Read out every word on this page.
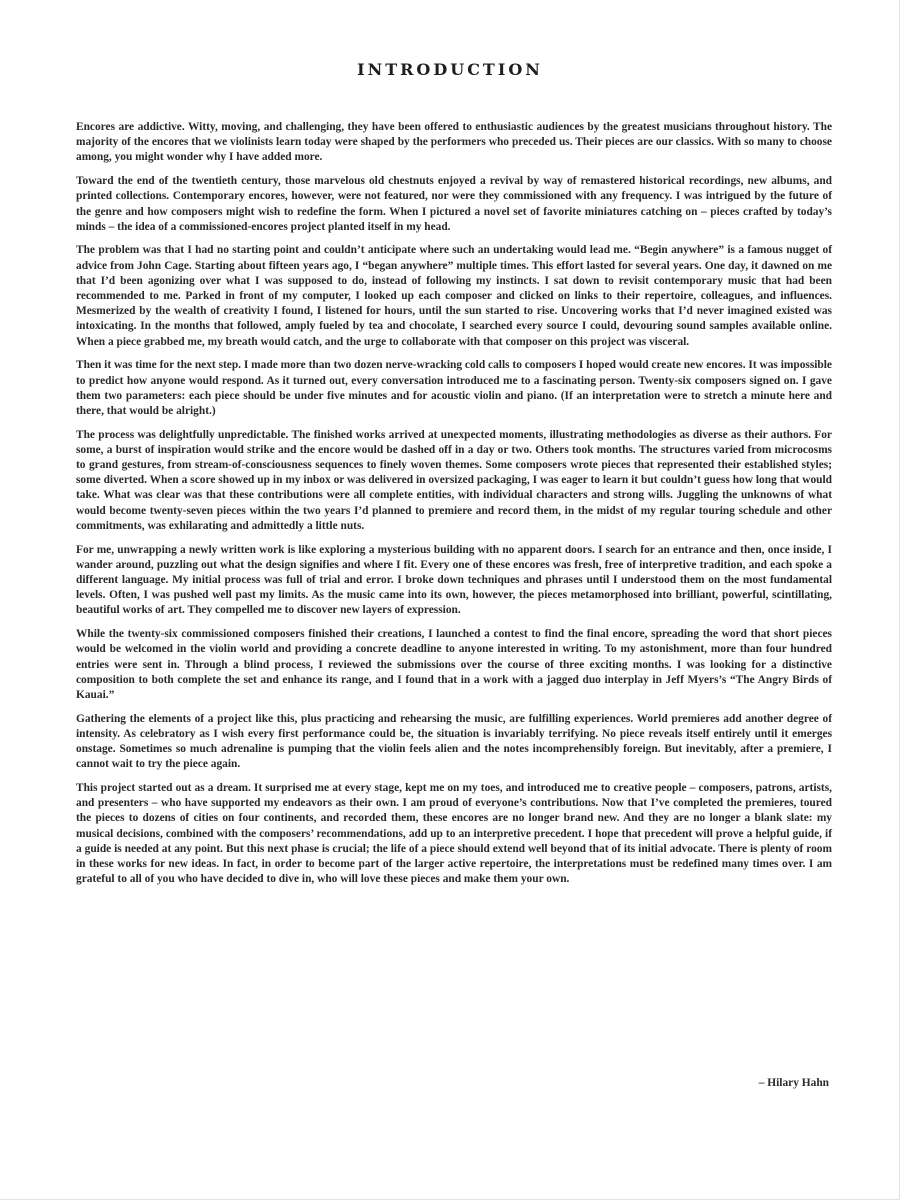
INTRODUCTION

Encores are addictive. Witty, moving, and challenging, they have been offered to enthusiastic audiences by the greatest musicians throughout history. The majority of the encores that we violinists learn today were shaped by the performers who preceded us. Their pieces are our classics. With so many to choose among, you might wonder why I have added more.

Toward the end of the twentieth century, those marvelous old chestnuts enjoyed a revival by way of remastered historical recordings, new albums, and printed collections. Contemporary encores, however, were not featured, nor were they commissioned with any frequency. I was intrigued by the future of the genre and how composers might wish to redefine the form. When I pictured a novel set of favorite miniatures catching on – pieces crafted by today’s minds – the idea of a commissioned-encores project planted itself in my head.

The problem was that I had no starting point and couldn’t anticipate where such an undertaking would lead me. “Begin anywhere” is a famous nugget of advice from John Cage. Starting about fifteen years ago, I “began anywhere” multiple times. This effort lasted for several years. One day, it dawned on me that I’d been agonizing over what I was supposed to do, instead of following my instincts. I sat down to revisit contemporary music that had been recommended to me. Parked in front of my computer, I looked up each composer and clicked on links to their repertoire, colleagues, and influences. Mesmerized by the wealth of creativity I found, I listened for hours, until the sun started to rise. Uncovering works that I’d never imagined existed was intoxicating. In the months that followed, amply fueled by tea and chocolate, I searched every source I could, devouring sound samples available online. When a piece grabbed me, my breath would catch, and the urge to collaborate with that composer on this project was visceral.

Then it was time for the next step. I made more than two dozen nerve-wracking cold calls to composers I hoped would create new encores. It was impossible to predict how anyone would respond. As it turned out, every conversation introduced me to a fascinating person. Twenty-six composers signed on. I gave them two parameters: each piece should be under five minutes and for acoustic violin and piano. (If an interpretation were to stretch a minute here and there, that would be alright.)

The process was delightfully unpredictable. The finished works arrived at unexpected moments, illustrating methodologies as diverse as their authors. For some, a burst of inspiration would strike and the encore would be dashed off in a day or two. Others took months. The structures varied from microcosms to grand gestures, from stream-of-consciousness sequences to finely woven themes. Some composers wrote pieces that represented their established styles; some diverted. When a score showed up in my inbox or was delivered in oversized packaging, I was eager to learn it but couldn’t guess how long that would take. What was clear was that these contributions were all complete entities, with individual characters and strong wills. Juggling the unknowns of what would become twenty-seven pieces within the two years I’d planned to premiere and record them, in the midst of my regular touring schedule and other commitments, was exhilarating and admittedly a little nuts.

For me, unwrapping a newly written work is like exploring a mysterious building with no apparent doors. I search for an entrance and then, once inside, I wander around, puzzling out what the design signifies and where I fit. Every one of these encores was fresh, free of interpretive tradition, and each spoke a different language. My initial process was full of trial and error. I broke down techniques and phrases until I understood them on the most fundamental levels. Often, I was pushed well past my limits. As the music came into its own, however, the pieces metamorphosed into brilliant, powerful, scintillating, beautiful works of art. They compelled me to discover new layers of expression.

While the twenty-six commissioned composers finished their creations, I launched a contest to find the final encore, spreading the word that short pieces would be welcomed in the violin world and providing a concrete deadline to anyone interested in writing. To my astonishment, more than four hundred entries were sent in. Through a blind process, I reviewed the submissions over the course of three exciting months. I was looking for a distinctive composition to both complete the set and enhance its range, and I found that in a work with a jagged duo interplay in Jeff Myers’s “The Angry Birds of Kauai.”

Gathering the elements of a project like this, plus practicing and rehearsing the music, are fulfilling experiences. World premieres add another degree of intensity. As celebratory as I wish every first performance could be, the situation is invariably terrifying. No piece reveals itself entirely until it emerges onstage. Sometimes so much adrenaline is pumping that the violin feels alien and the notes incomprehensibly foreign. But inevitably, after a premiere, I cannot wait to try the piece again.

This project started out as a dream. It surprised me at every stage, kept me on my toes, and introduced me to creative people – composers, patrons, artists, and presenters – who have supported my endeavors as their own. I am proud of everyone’s contributions. Now that I’ve completed the premieres, toured the pieces to dozens of cities on four continents, and recorded them, these encores are no longer brand new. And they are no longer a blank slate: my musical decisions, combined with the composers’ recommendations, add up to an interpretive precedent. I hope that precedent will prove a helpful guide, if a guide is needed at any point. But this next phase is crucial; the life of a piece should extend well beyond that of its initial advocate. There is plenty of room in these works for new ideas. In fact, in order to become part of the larger active repertoire, the interpretations must be redefined many times over. I am grateful to all of you who have decided to dive in, who will love these pieces and make them your own.

– Hilary Hahn
